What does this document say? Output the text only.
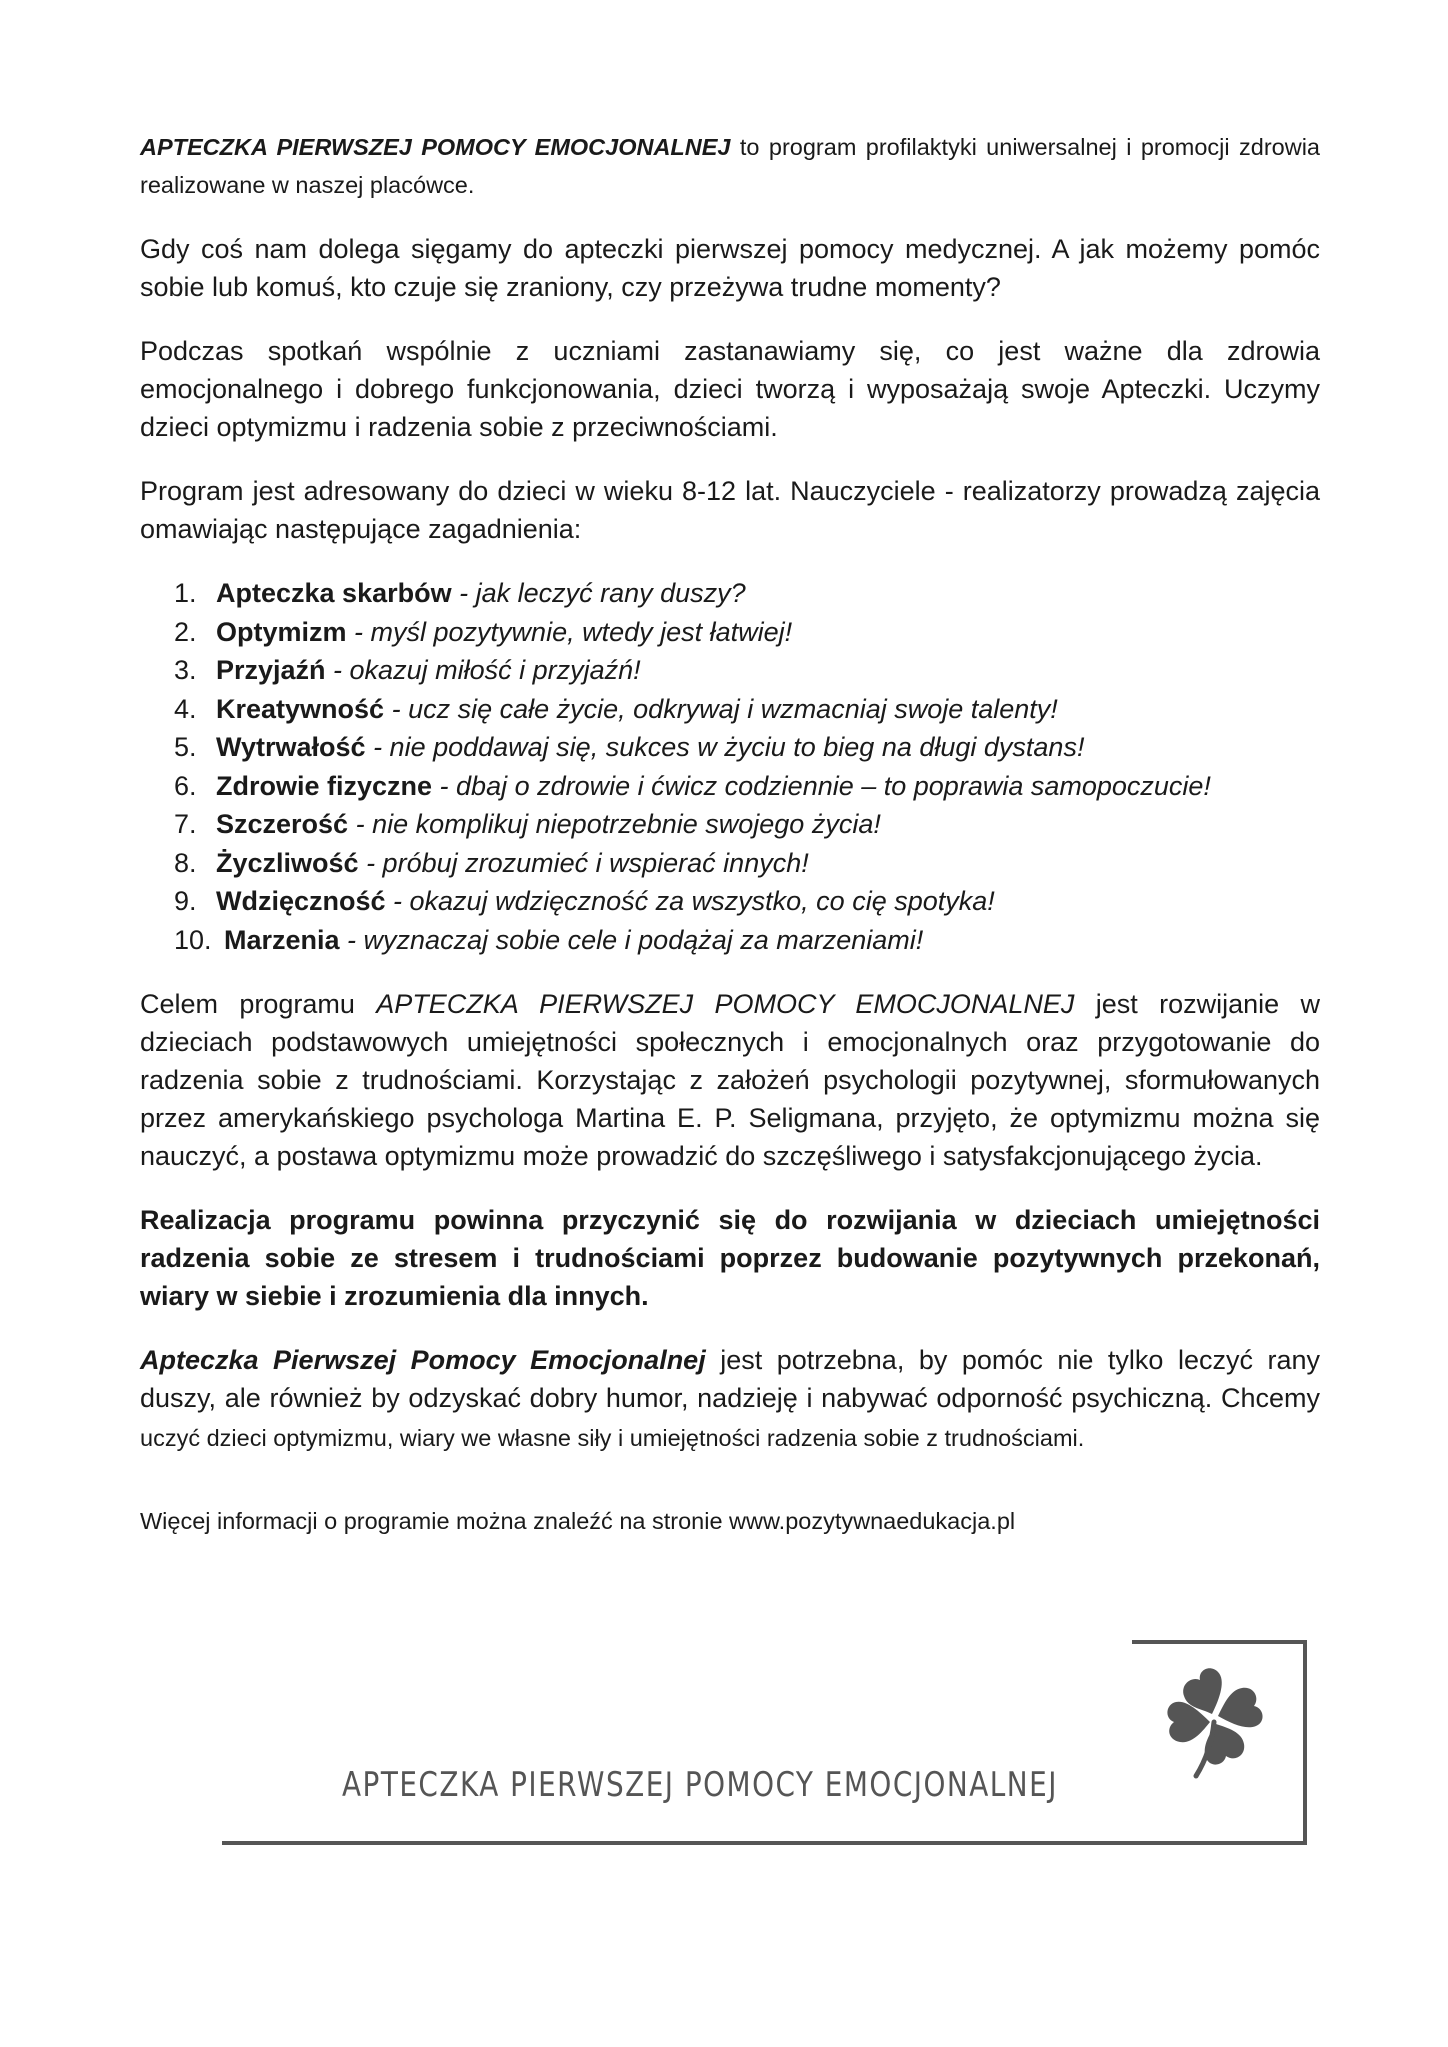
APTECZKA PIERWSZEJ POMOCY EMOCJONALNEJ to program profilaktyki uniwersalnej i promocji zdrowia realizowane w naszej placówce.

Gdy coś nam dolega sięgamy do apteczki pierwszej pomocy medycznej. A jak możemy pomóc sobie lub komuś, kto czuje się zraniony, czy przeżywa trudne momenty?

Podczas spotkań wspólnie z uczniami zastanawiamy się, co jest ważne dla zdrowia emocjonalnego i dobrego funkcjonowania, dzieci tworzą i wyposażają swoje Apteczki. Uczymy dzieci optymizmu i radzenia sobie z przeciwnościami.

Program jest adresowany do dzieci w wieku 8-12 lat. Nauczyciele - realizatorzy prowadzą zajęcia omawiając następujące zagadnienia:

1. Apteczka skarbów - jak leczyć rany duszy?
2. Optymizm - myśl pozytywnie, wtedy jest łatwiej!
3. Przyjaźń - okazuj miłość i przyjaźń!
4. Kreatywność - ucz się całe życie, odkrywaj i wzmacniaj swoje talenty!
5. Wytrwałość - nie poddawaj się, sukces w życiu to bieg na długi dystans!
6. Zdrowie fizyczne - dbaj o zdrowie i ćwicz codziennie – to poprawia samopoczucie!
7. Szczerość - nie komplikuj niepotrzebnie swojego życia!
8. Życzliwość - próbuj zrozumieć i wspierać innych!
9. Wdzięczność - okazuj wdzięczność za wszystko, co cię spotyka!
10. Marzenia - wyznaczaj sobie cele i podążaj za marzeniami!

Celem programu APTECZKA PIERWSZEJ POMOCY EMOCJONALNEJ jest rozwijanie w dzieciach podstawowych umiejętności społecznych i emocjonalnych oraz przygotowanie do radzenia sobie z trudnościami. Korzystając z założeń psychologii pozytywnej, sformułowanych przez amerykańskiego psychologa Martina E. P. Seligmana, przyjęto, że optymizmu można się nauczyć, a postawa optymizmu może prowadzić do szczęśliwego i satysfakcjonującego życia.

Realizacja programu powinna przyczynić się do rozwijania w dzieciach umiejętności radzenia sobie ze stresem i trudnościami poprzez budowanie pozytywnych przekonań, wiary w siebie i zrozumienia dla innych.

Apteczka Pierwszej Pomocy Emocjonalnej jest potrzebna, by pomóc nie tylko leczyć rany duszy, ale również by odzyskać dobry humor, nadzieję i nabywać odporność psychiczną. Chcemy uczyć dzieci optymizmu, wiary we własne siły i umiejętności radzenia sobie z trudnościami.

Więcej informacji o programie można znaleźć na stronie www.pozytywnaedukacja.pl

APTECZKA PIERWSZEJ POMOCY EMOCJONALNEJ
